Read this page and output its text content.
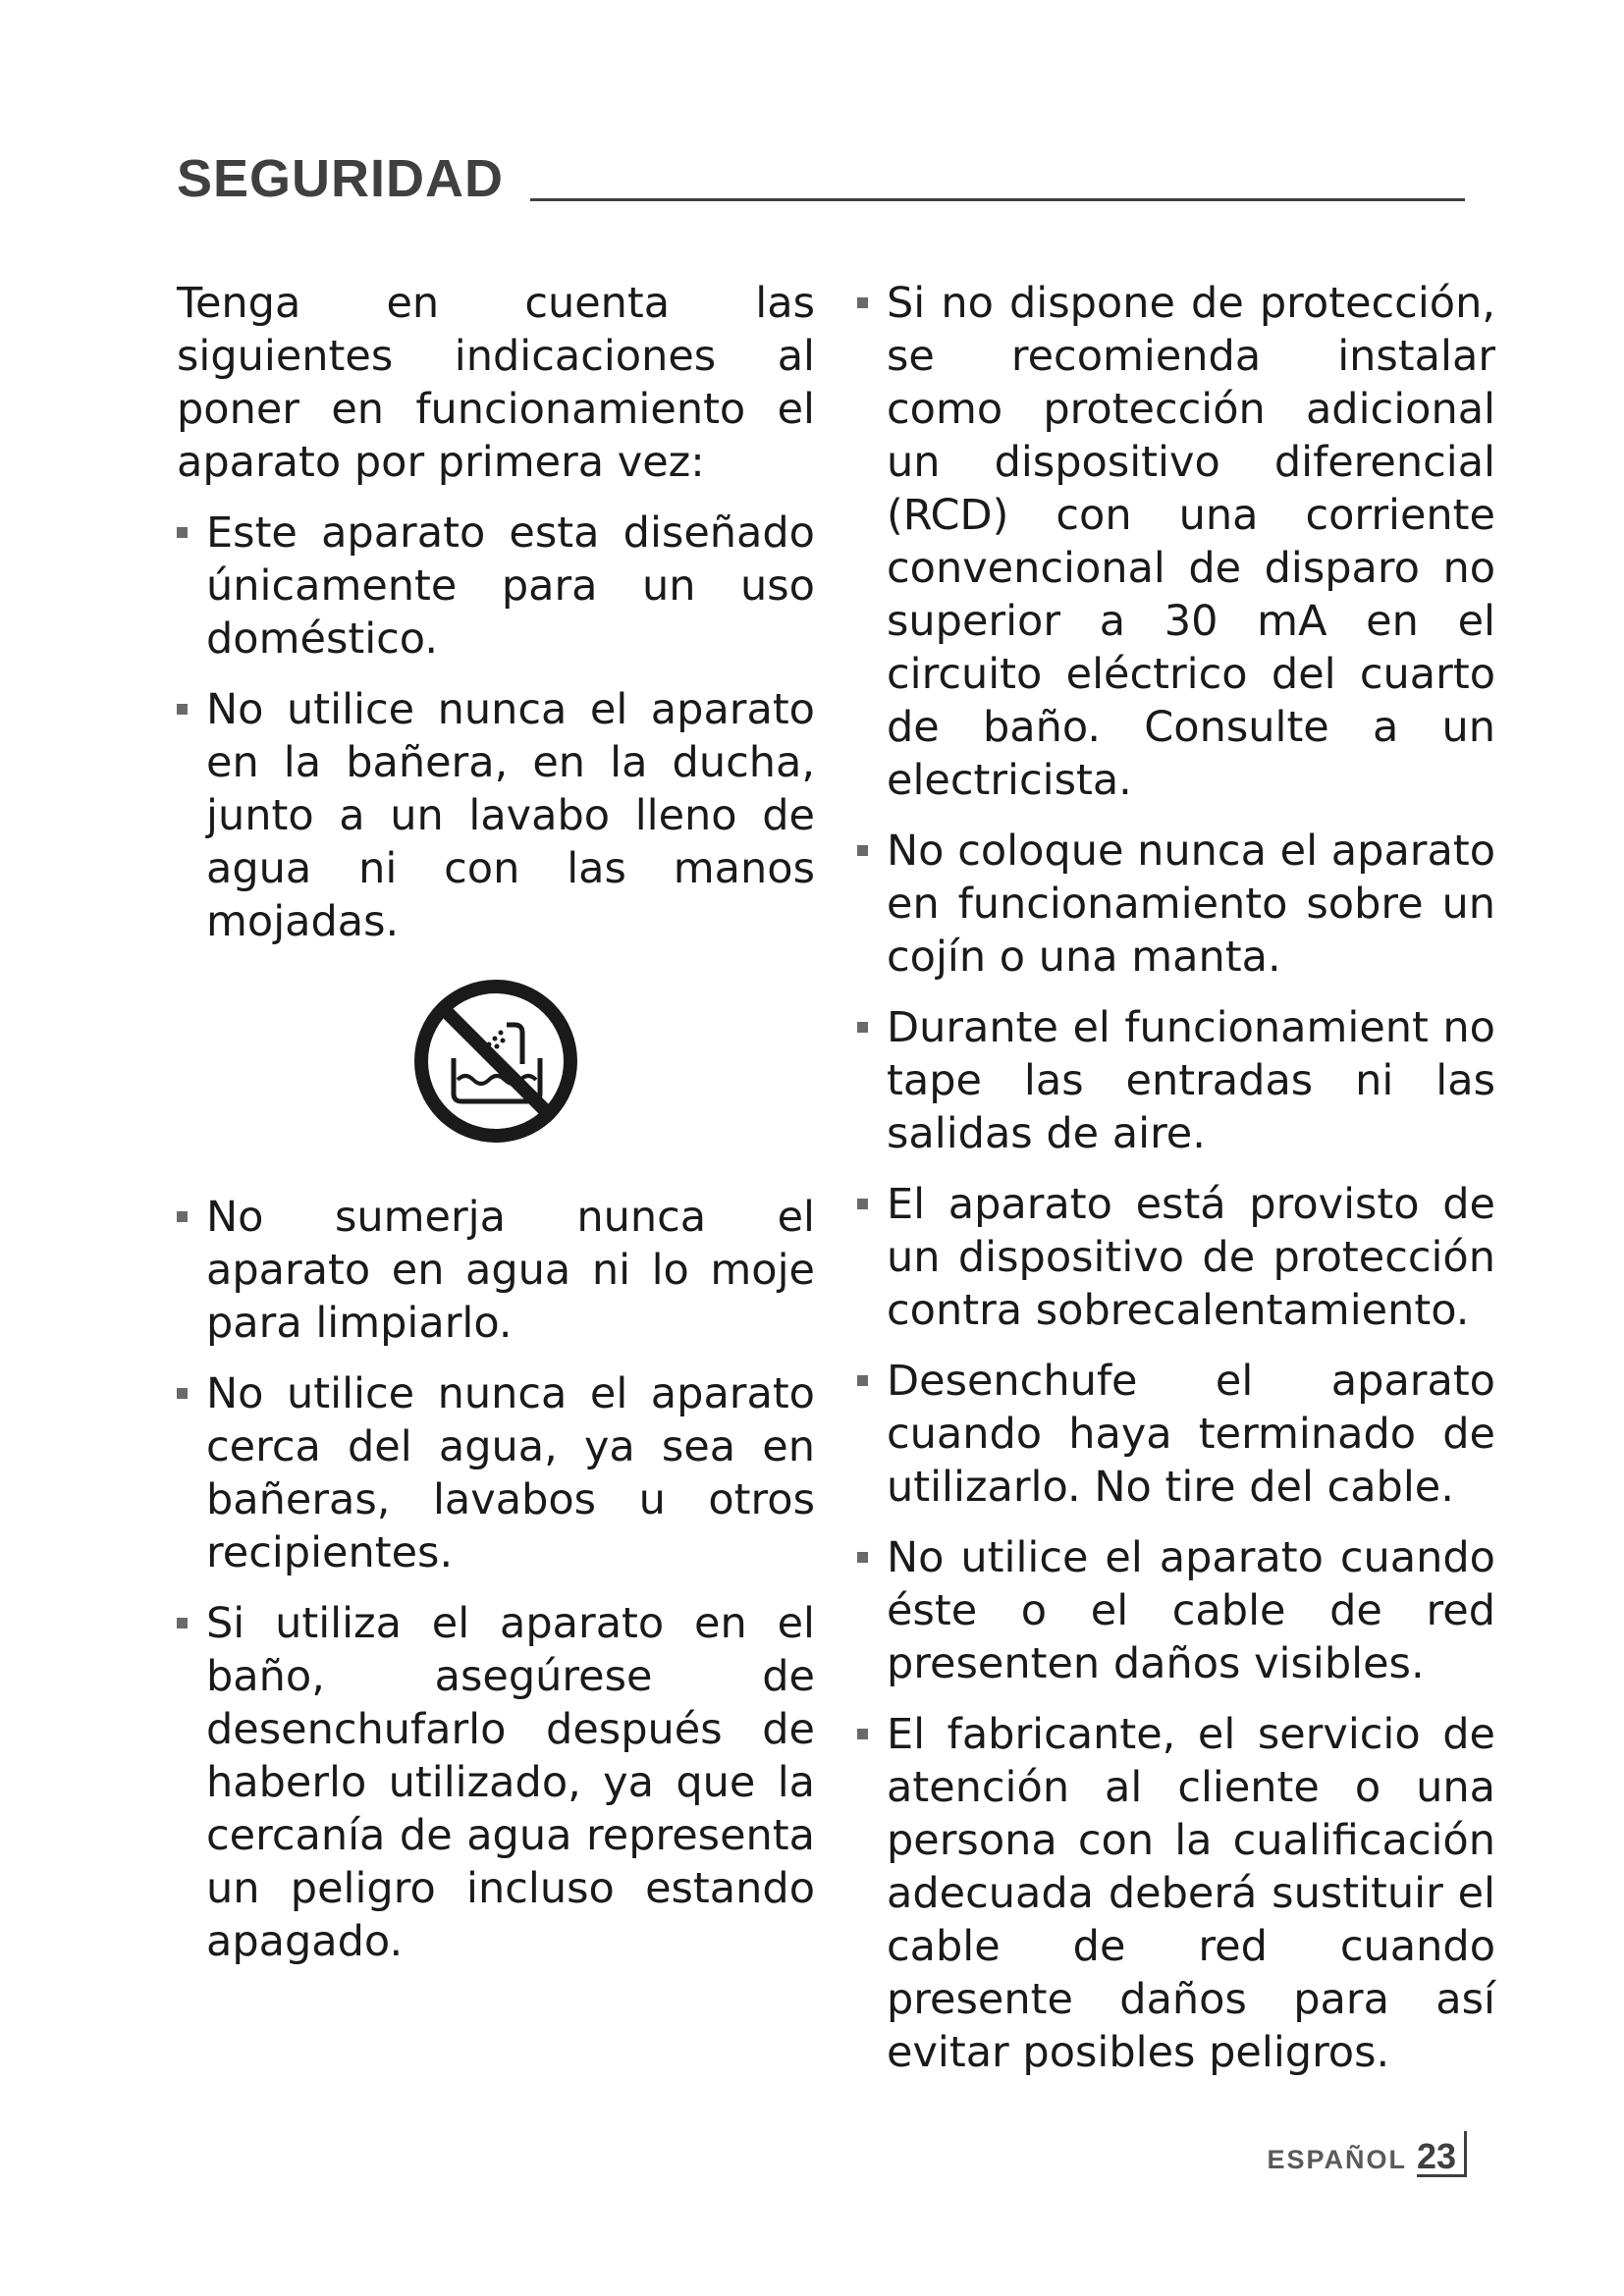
SEGURIDAD

Tenga en cuenta las siguientes indicaciones al poner en funcionamiento el aparato por primera vez:

Este aparato esta diseñado únicamente para un uso doméstico.
No utilice nunca el aparato en la bañera, en la ducha, junto a un lavabo lleno de agua ni con las manos mojadas.
No sumerja nunca el aparato en agua ni lo moje para limpiarlo.
No utilice nunca el aparato cerca del agua, ya sea en bañeras, lavabos u otros recipientes.
Si utiliza el aparato en el baño, asegúrese de desenchufarlo después de haberlo utilizado, ya que la cercanía de agua representa un peligro incluso estando apagado.
Si no dispone de protección, se recomienda instalar como protección adicional un dispositivo diferencial (RCD) con una corriente convencional de disparo no superior a 30 mA en el circuito eléctrico del cuarto de baño. Consulte a un electricista.
No coloque nunca el aparato en funcionamiento sobre un cojín o una manta.
Durante el funcionamient no tape las entradas ni las salidas de aire.
El aparato está provisto de un dispositivo de protección contra sobrecalentamiento.
Desenchufe el aparato cuando haya terminado de utilizarlo. No tire del cable.
No utilice el aparato cuando éste o el cable de red presenten daños visibles.
El fabricante, el servicio de atención al cliente o una persona con la cualificación adecuada deberá sustituir el cable de red cuando presente daños para así evitar posibles peligros.
ESPAÑOL 23
